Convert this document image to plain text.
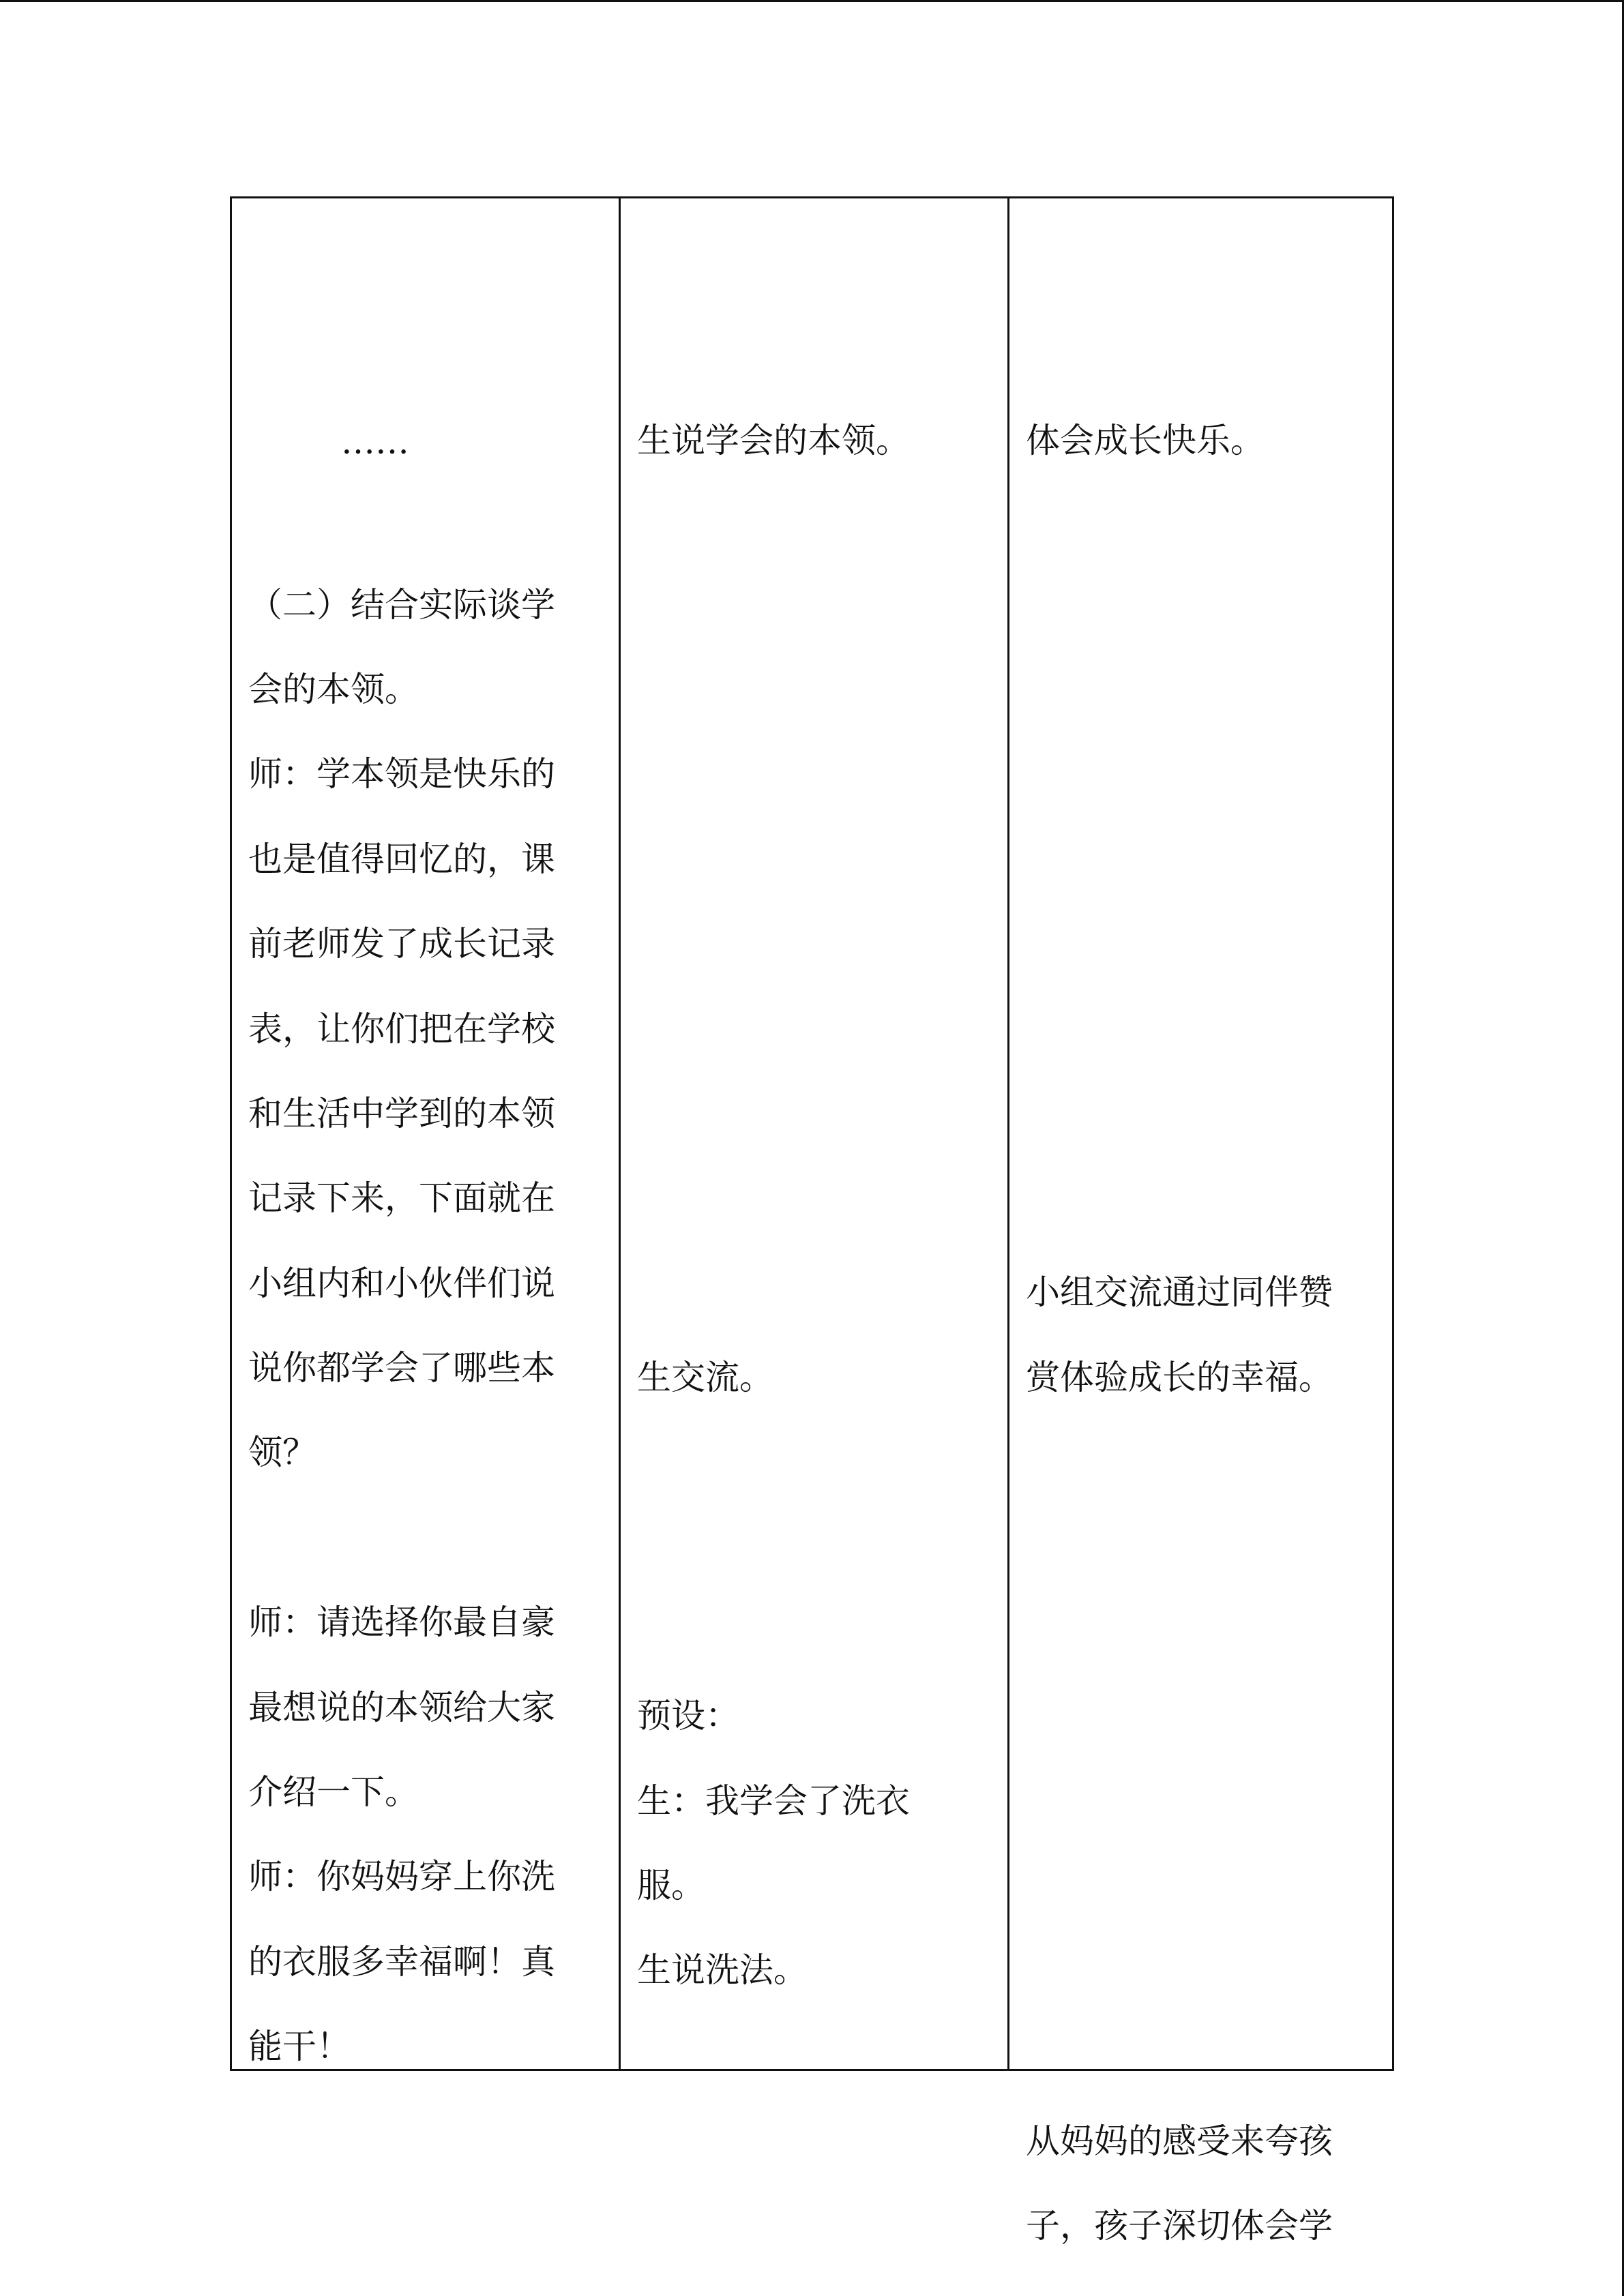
……
（二）结合实际谈学
会的本领。
师：学本领是快乐的
也是值得回忆的，课
前老师发了成长记录
表，让你们把在学校
和生活中学到的本领
记录下来，下面就在
小组内和小伙伴们说
说你都学会了哪些本
领？
师：请选择你最自豪
最想说的本领给大家
介绍一下。
师：你妈妈穿上你洗
的衣服多幸福啊！真
能干！
生说学会的本领。
生交流。
预设：
生：我学会了洗衣
服。
生说洗法。
体会成长快乐。
小组交流通过同伴赞
赏体验成长的幸福。
从妈妈的感受来夸孩
子，孩子深切体会学
